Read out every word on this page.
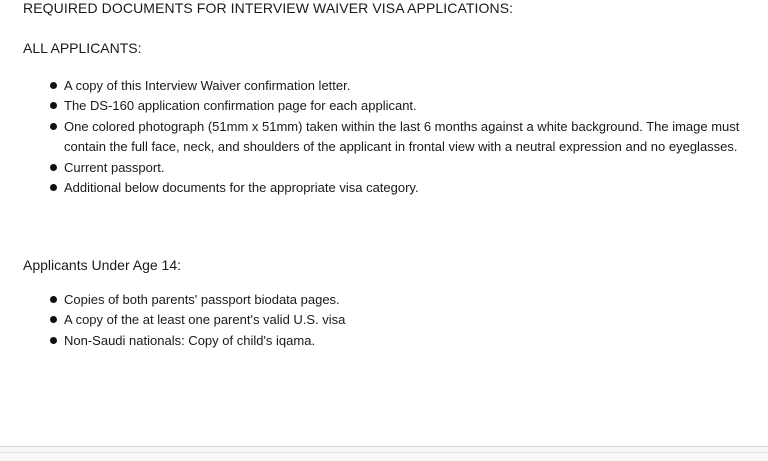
REQUIRED DOCUMENTS FOR INTERVIEW WAIVER VISA APPLICATIONS:
ALL APPLICANTS:
A copy of this Interview Waiver confirmation letter.
The DS-160 application confirmation page for each applicant.
One colored photograph (51mm x 51mm) taken within the last 6 months against a white background. The image must contain the full face, neck, and shoulders of the applicant in frontal view with a neutral expression and no eyeglasses.
Current passport.
Additional below documents for the appropriate visa category.
Applicants Under Age 14:
Copies of both parents' passport biodata pages.
A copy of the at least one parent's valid U.S. visa
Non-Saudi nationals: Copy of child's iqama.
